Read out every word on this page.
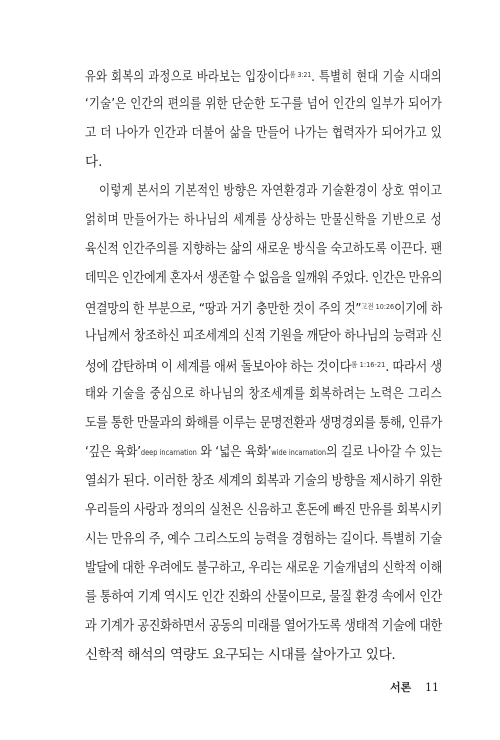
유와 회복의 과정으로 바라보는 입장이다$^{롬 3:21}$. 특별히 현대 기술 시대의
‘기술’은 인간의 편의를 위한 단순한 도구를 넘어 인간의 일부가 되어가
고 더 나아가 인간과 더불어 삶을 만들어 나가는 협력자가 되어가고 있
다.
이렇게 본서의 기본적인 방향은 자연환경과 기술환경이 상호 엮이고
얽히며 만들어가는 하나님의 세계를 상상하는 만물신학을 기반으로 성
육신적 인간주의를 지향하는 삶의 새로운 방식을 숙고하도록 이끈다. 팬
데믹은 인간에게 혼자서 생존할 수 없음을 일깨워 주었다. 인간은 만유의
연결망의 한 부분으로, “땅과 거기 충만한 것이 주의 것”$^{고전 10:26}$이기에 하
나님께서 창조하신 피조세계의 신적 기원을 깨닫아 하나님의 능력과 신
성에 감탄하며 이 세계를 애써 돌보아야 하는 것이다$^{롬 1:16-21}$. 따라서 생
태와 기술을 중심으로 하나님의 창조세계를 회복하려는 노력은 그리스
도를 통한 만물과의 화해를 이루는 문명전환과 생명경외를 통해, 인류가
‘깊은 육화’deep incarnation 와 ‘넓은 육화’wide incarnation의 길로 나아갈 수 있는
열쇠가 된다. 이러한 창조 세계의 회복과 기술의 방향을 제시하기 위한
우리들의 사랑과 정의의 실천은 신음하고 혼돈에 빠진 만유를 회복시키
시는 만유의 주, 예수 그리스도의 능력을 경험하는 길이다. 특별히 기술
발달에 대한 우려에도 불구하고, 우리는 새로운 기술개념의 신학적 이해
를 통하여 기계 역시도 인간 진화의 산물이므로, 물질 환경 속에서 인간
과 기계가 공진화하면서 공동의 미래를 열어가도록 생태적 기술에 대한
신학적 해석의 역량도 요구되는 시대를 살아가고 있다.
서론 11
